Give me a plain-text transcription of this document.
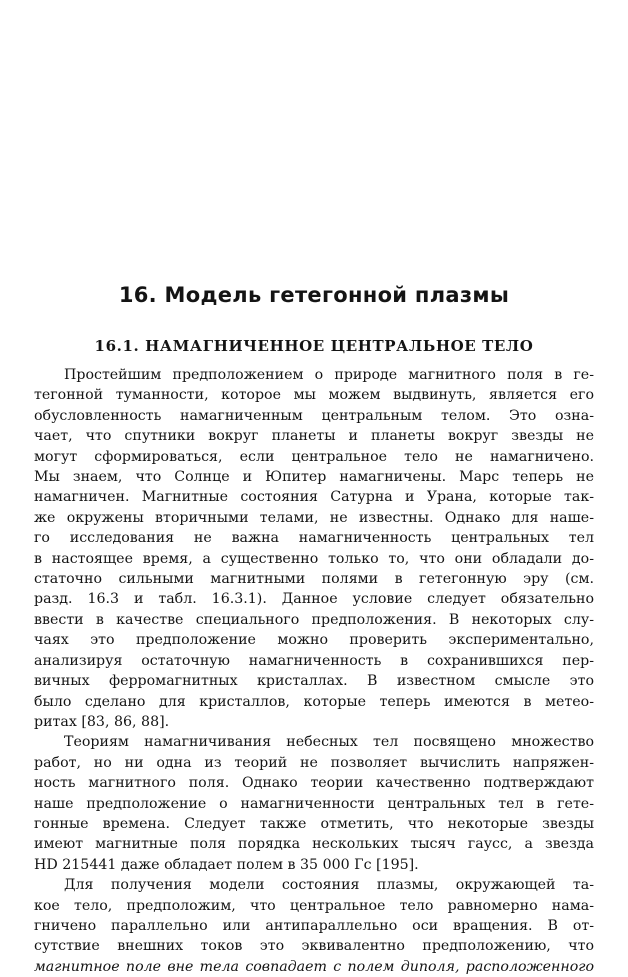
16. Модель гетегонной плазмы
16.1. НАМАГНИЧЕННОЕ ЦЕНТРАЛЬНОЕ ТЕЛО
Простейшим предположением о природе магнитного поля в ге-
тегонной туманности, которое мы можем выдвинуть, является его
обусловленность намагниченным центральным телом. Это озна-
чает, что спутники вокруг планеты и планеты вокруг звезды не
могут сформироваться, если центральное тело не намагничено.
Мы знаем, что Солнце и Юпитер намагничены. Марс теперь не
намагничен. Магнитные состояния Сатурна и Урана, которые так-
же окружены вторичными телами, не известны. Однако для наше-
го исследования не важна намагниченность центральных тел
в настоящее время, а существенно только то, что они обладали до-
статочно сильными магнитными полями в гетегонную эру (см.
разд. 16.3 и табл. 16.3.1). Данное условие следует обязательно
ввести в качестве специального предположения. В некоторых слу-
чаях это предположение можно проверить экспериментально,
анализируя остаточную намагниченность в сохранившихся пер-
вичных ферромагнитных кристаллах. В известном смысле это
было сделано для кристаллов, которые теперь имеются в метео-
ритах [83, 86, 88].
Теориям намагничивания небесных тел посвящено множество
работ, но ни одна из теорий не позволяет вычислить напряжен-
ность магнитного поля. Однако теории качественно подтверждают
наше предположение о намагниченности центральных тел в гете-
гонные времена. Следует также отметить, что некоторые звезды
имеют магнитные поля порядка нескольких тысяч гаусс, а звезда
HD 215441 даже обладает полем в 35 000 Гс [195].
Для получения модели состояния плазмы, окружающей та-
кое тело, предположим, что центральное тело равномерно нама-
гничено параллельно или антипараллельно оси вращения. В от-
сутствие внешних токов это эквивалентно предположению, что
магнитное поле вне тела совпадает с полем диполя, расположенного
